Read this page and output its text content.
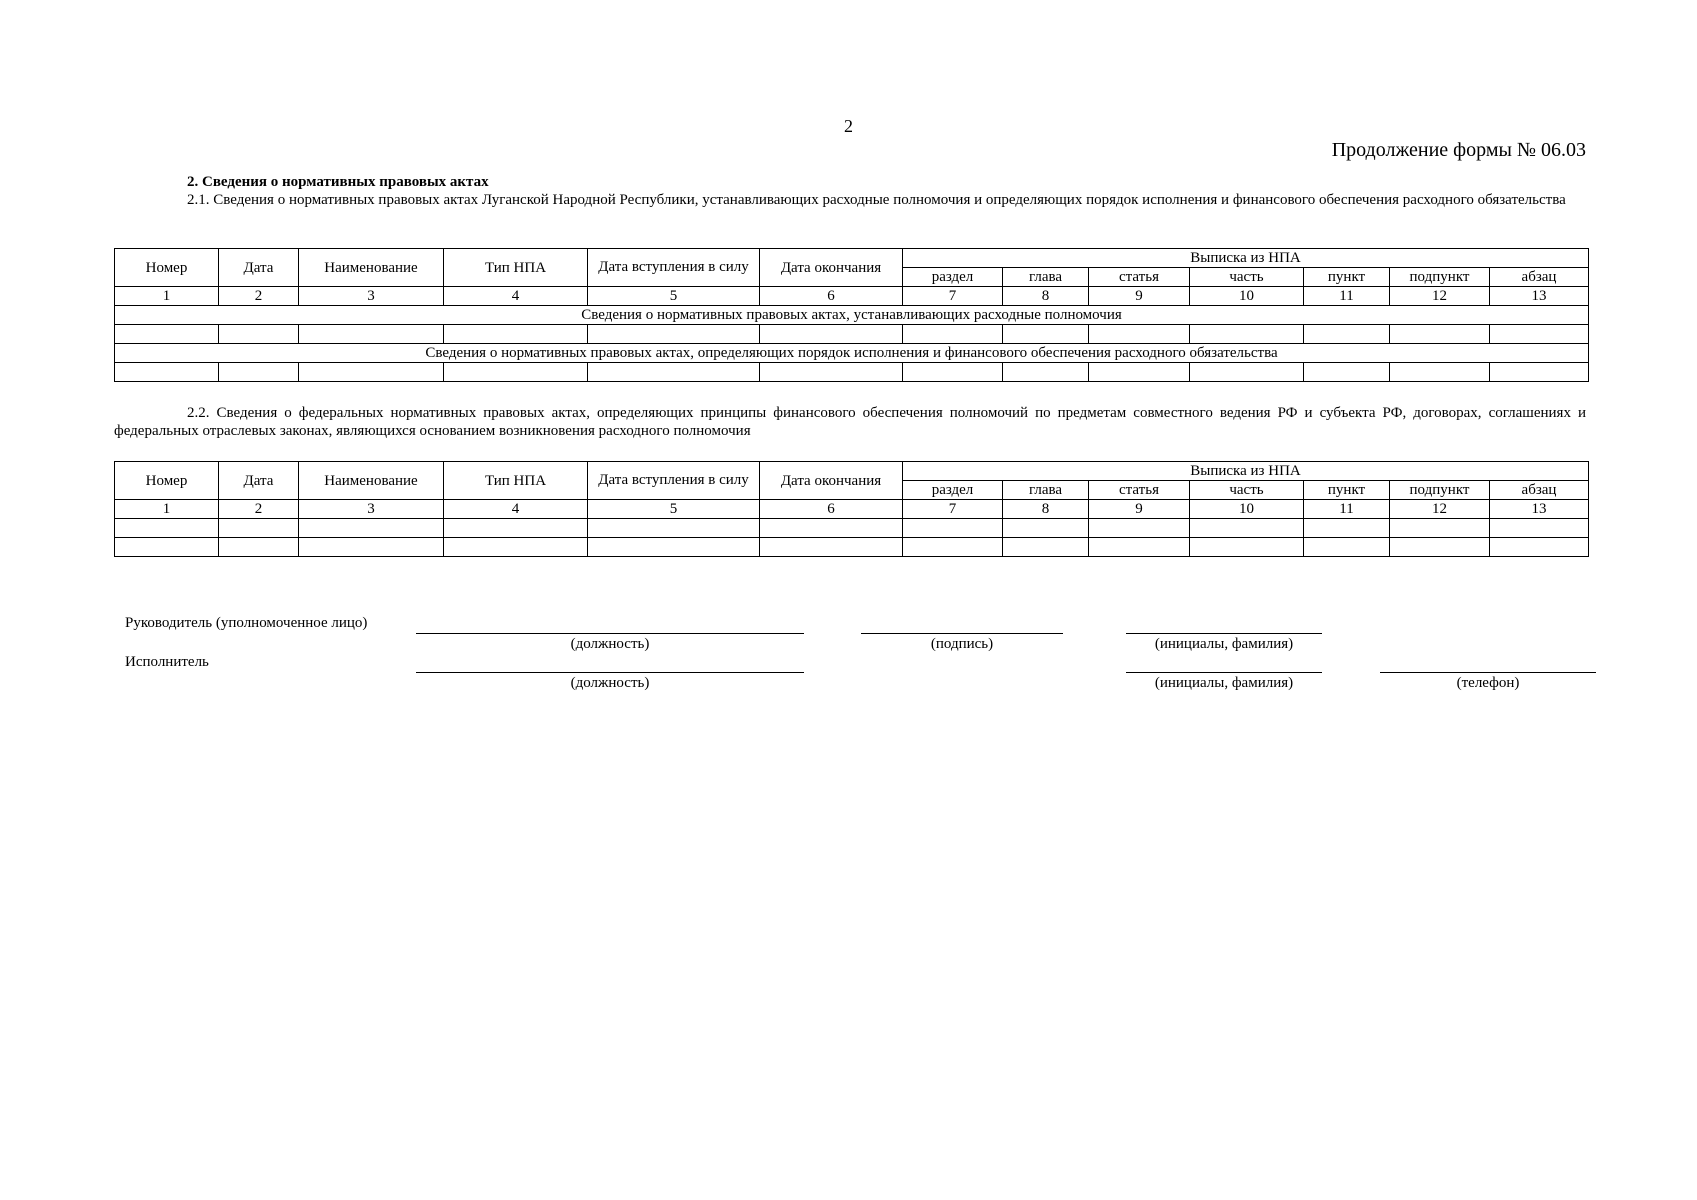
2
Продолжение формы № 06.03
2. Сведения о нормативных правовых актах
2.1. Сведения о нормативных правовых актах Луганской Народной Республики, устанавливающих расходные полномочия и определяющих порядок исполнения и финансового обеспечения расходного обязательства
Номер	Дата	Наименование	Тип НПА	Дата вступления в силу	Дата окончания	Выписка из НПА						
						раздел	глава	статья	часть	пункт	подпункт	абзац
1	2	3	4	5	6	7	8	9	10	11	12	13
Сведения о нормативных правовых актах, устанавливающих расходные полномочия												

Сведения о нормативных правовых актах, определяющих порядок исполнения и финансового обеспечения расходного обязательства												

2.2. Сведения о федеральных нормативных правовых актах, определяющих принципы финансового обеспечения полномочий по предметам совместного ведения РФ и субъекта РФ, договорах, соглашениях и федеральных отраслевых законах, являющихся основанием возникновения расходного полномочия
Номер	Дата	Наименование	Тип НПА	Дата вступления в силу	Дата окончания	Выписка из НПА						
						раздел	глава	статья	часть	пункт	подпункт	абзац
1	2	3	4	5	6	7	8	9	10	11	12	13

Руководитель (уполномоченное лицо)
(должность)	(подпись)	(инициалы, фамилия)
Исполнитель
(должность)	(инициалы, фамилия)	(телефон)
